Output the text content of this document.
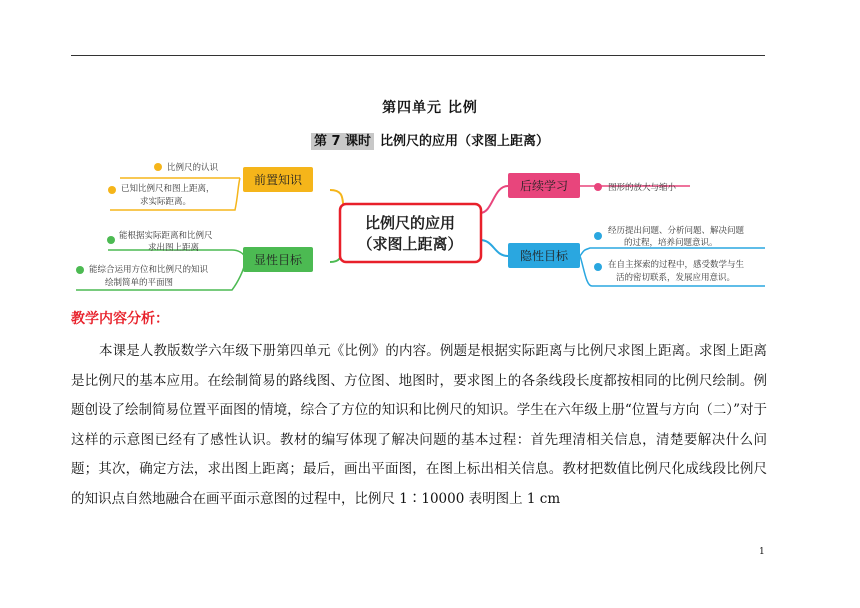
第四单元 比例
第 7 课时 比例尺的应用（求图上距离）
比例尺的应用
（求图上距离）
前置知识
比例尺的认识
已知比例尺和图上距离，
求实际距离。
显性目标
能根据实际距离和比例尺
求出图上距离
能综合运用方位和比例尺的知识
绘制简单的平面图
后续学习	图形的放大与缩小
隐性目标
经历提出问题、分析问题、解决问题
的过程，培养问题意识。
在自主探索的过程中，感受数学与生
活的密切联系，发展应用意识。
教学内容分析：

本课是人教版数学六年级下册第四单元《比例》的内容。例题是根据实际距离与比例尺求图上距离。求图上距离是比例尺的基本应用。在绘制简易的路线图、方位图、地图时，要求图上的各条线段长度都按相同的比例尺绘制。例题创设了绘制简易位置平面图的情境，综合了方位的知识和比例尺的知识。学生在六年级上册“位置与方向（二）”对于这样的示意图已经有了感性认识。教材的编写体现了解决问题的基本过程：首先理清相关信息，清楚要解决什么问题；其次，确定方法，求出图上距离；最后，画出平面图，在图上标出相关信息。教材把数值比例尺化成线段比例尺的知识点自然地融合在画平面示意图的过程中，比例尺 1∶10000 表明图上 1 cm

1
